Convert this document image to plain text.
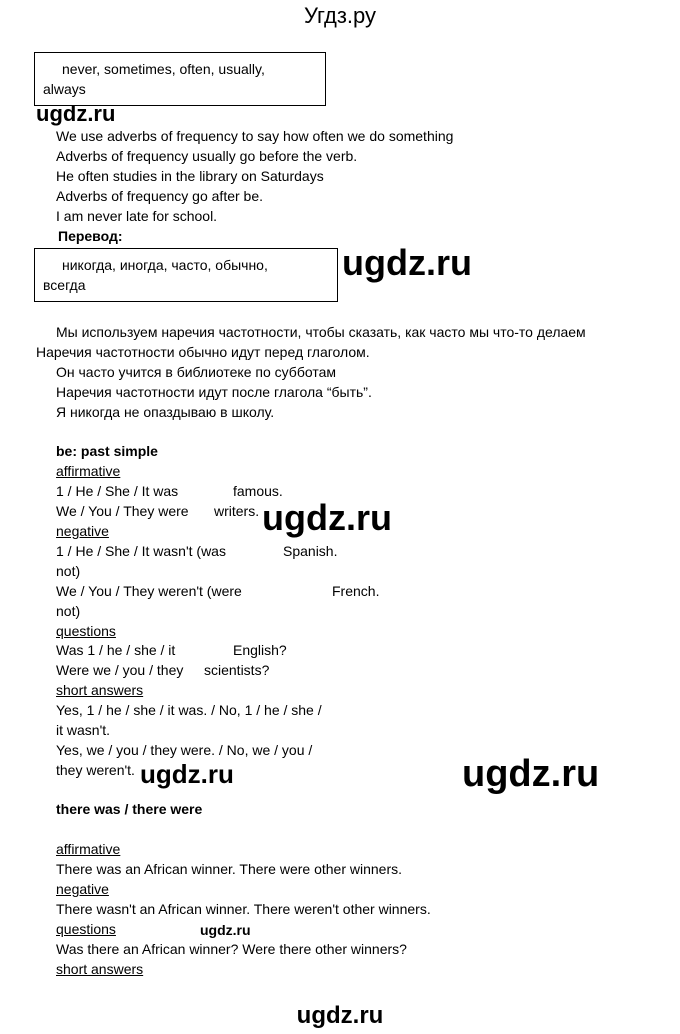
Угдз.ру
never, sometimes, often, usually,
always
ugdz.ru
We use adverbs of frequency to say how often we do something
Adverbs of frequency usually go before the verb.
He often studies in the library on Saturdays
Adverbs of frequency go after be.
I am never late for school.
Перевод:
никогда, иногда, часто, обычно,
всегда
ugdz.ru
Мы используем наречия частотности, чтобы сказать, как часто мы что-то делаем
Наречия частотности обычно идут перед глаголом.
Он часто учится в библиотеке по субботам
Наречия частотности идут после глагола “быть”.
Я никогда не опаздываю в школу.
be: past simple
affirmative
1 / He / She / It was	famous.
We / You / They were writers. ugdz.ru
negative
1 / He / She / It wasn't (was	Spanish.
not)
We / You / They weren't (were	French.
not)
questions
Was 1 / he / she / it	English?
Were we / you / they scientists?
short answers
Yes, 1 / he / she / it was. / No, 1 / he / she /
it wasn't.
Yes, we / you / they were. / No, we / you /
they weren't. ugdz.ru	ugdz.ru
there was / there were
affirmative
There was an African winner. There were other winners.
negative
There wasn't an African winner. There weren't other winners.
questions	ugdz.ru
Was there an African winner? Were there other winners?
short answers
ugdz.ru
